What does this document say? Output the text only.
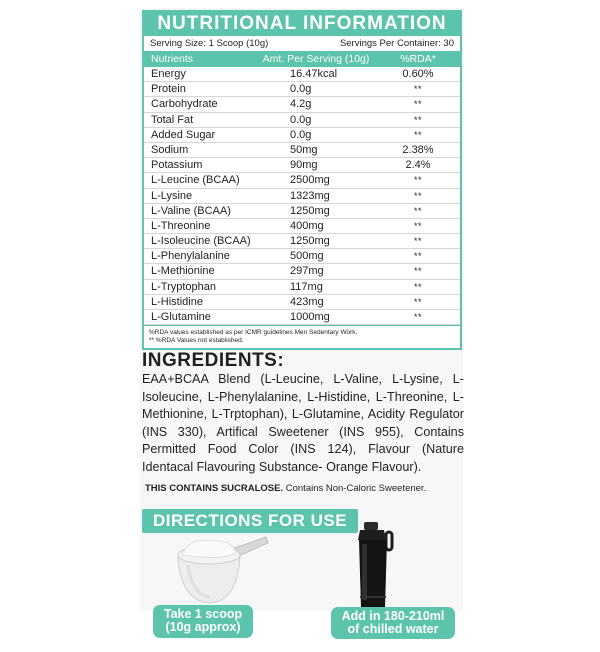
NUTRITIONAL INFORMATION
Serving Size: 1 Scoop (10g)	Servings Per Container: 30
Nutrients	Amt. Per Serving (10g)	%RDA*
Energy	16.47kcal	0.60%
Protein	0.0g	**
Carbohydrate	4.2g	**
Total Fat	0.0g	**
Added Sugar	0.0g	**
Sodium	50mg	2.38%
Potassium	90mg	2.4%
L-Leucine (BCAA)	2500mg	**
L-Lysine	1323mg	**
L-Valine (BCAA)	1250mg	**
L-Threonine	400mg	**
L-Isoleucine (BCAA)	1250mg	**
L-Phenylalanine	500mg	**
L-Methionine	297mg	**
L-Tryptophan	117mg	**
L-Histidine	423mg	**
L-Glutamine	1000mg	**
%RDA values established as per ICMR guidelines Men Sedentary Work.
** %RDA Values not established.
INGREDIENTS:
EAA+BCAA Blend (L-Leucine, L-Valine, L-Lysine, L-Isoleucine, L-Phenylalanine, L-Histidine, L-Threonine, L-Methionine, L-Trptophan), L-Glutamine, Acidity Regulator (INS 330), Artifical Sweetener (INS 955), Contains Permitted Food Color (INS 124), Flavour (Nature Identacal Flavouring Substance- Orange Flavour).
THIS CONTAINS SUCRALOSE. Contains Non-Caloric Sweetener.
DIRECTIONS FOR USE
Take 1 scoop
(10g approx)
Add in 180-210ml
of chilled water
